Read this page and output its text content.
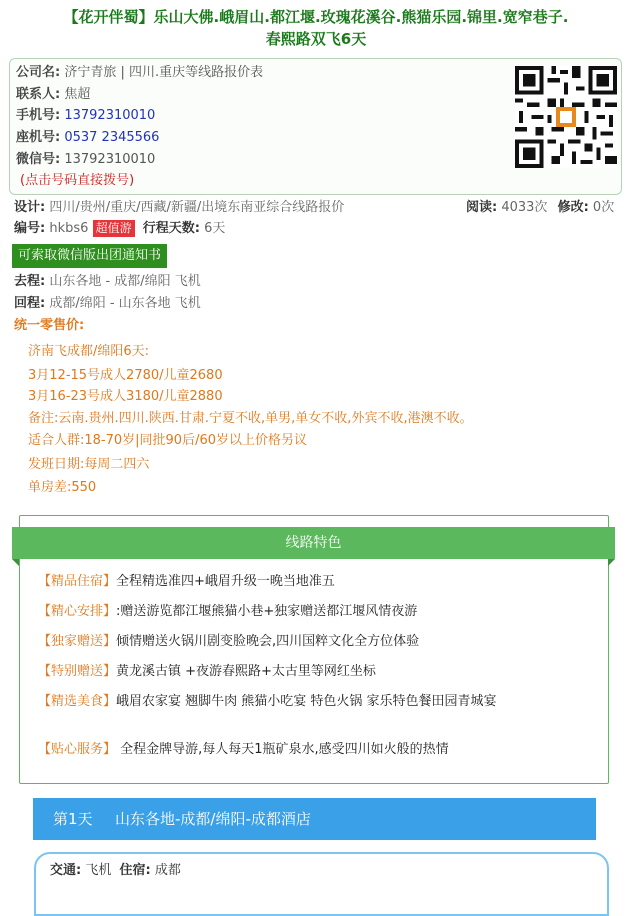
【花开伴蜀】乐山大佛.峨眉山.都江堰.玫瑰花溪谷.熊猫乐园.锦里.宽窄巷子.
春熙路双飞6天
公司名: 济宁青旅 | 四川.重庆等线路报价表
联系人: 焦超
手机号: 13792310010
座机号: 0537 2345566
微信号: 13792310010
(点击号码直接拨号)
设计: 四川/贵州/重庆/西藏/新疆/出境东南亚综合线路报价	阅读: 4033次 修改: 0次
编号: hkbs6 超值游 行程天数: 6天
可索取微信版出团通知书
去程: 山东各地 - 成都/绵阳 飞机
回程: 成都/绵阳 - 山东各地 飞机
统一零售价:
济南飞成都/绵阳6天:
3月12-15号成人2780/儿童2680
3月16-23号成人3180/儿童2880
备注:云南.贵州.四川.陕西.甘肃.宁夏不收,单男,单女不收,外宾不收,港澳不收。
适合人群:18-70岁|同批90后/60岁以上价格另议
发班日期:每周二四六
单房差:550
线路特色
【精品住宿】全程精选准四+峨眉升级一晚当地准五
【精心安排】:赠送游览都江堰熊猫小巷+独家赠送都江堰风情夜游
【独家赠送】倾情赠送火锅川剧变脸晚会,四川国粹文化全方位体验
【特别赠送】黄龙溪古镇 +夜游春熙路+太古里等网红坐标
【精选美食】峨眉农家宴 翘脚牛肉 熊猫小吃宴 特色火锅 家乐特色餐田园青城宴
【贴心服务】 全程金牌导游,每人每天1瓶矿泉水,感受四川如火般的热情
第1天 山东各地-成都/绵阳-成都酒店
交通: 飞机 住宿: 成都
